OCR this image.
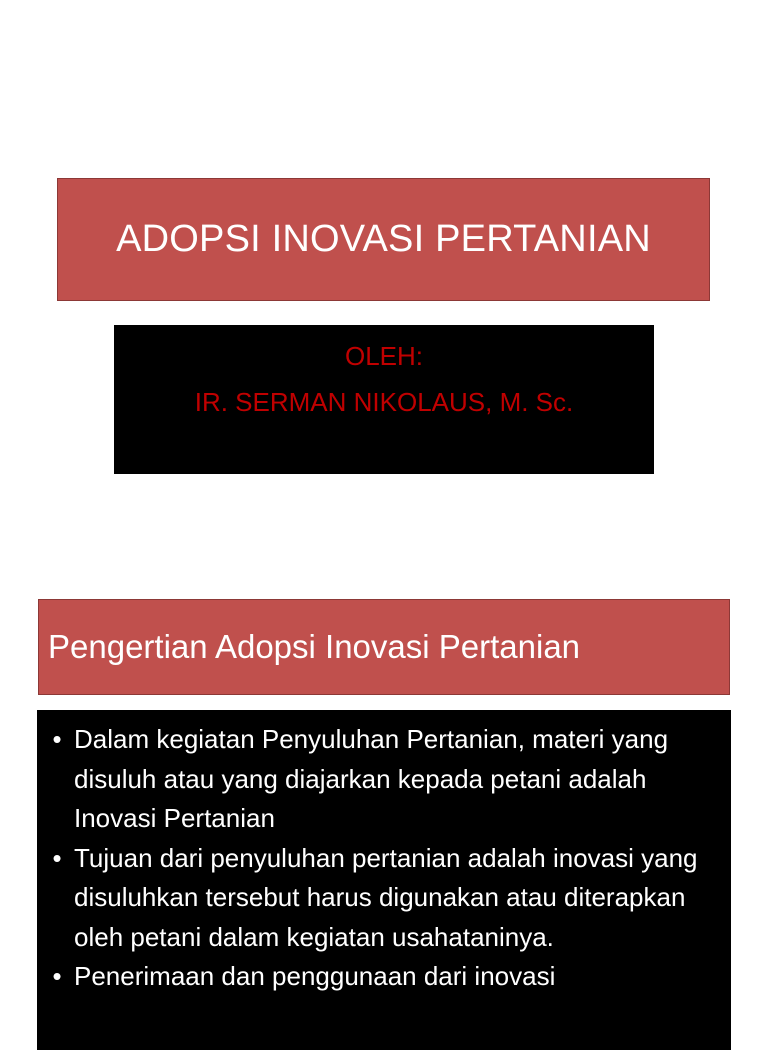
ADOPSI INOVASI PERTANIAN
OLEH:
IR. SERMAN NIKOLAUS, M. Sc.
Pengertian Adopsi Inovasi Pertanian
• Dalam kegiatan Penyuluhan Pertanian, materi yang disuluh atau yang diajarkan kepada petani adalah Inovasi Pertanian
• Tujuan dari penyuluhan pertanian adalah inovasi yang disuluhkan tersebut harus digunakan atau diterapkan oleh petani dalam kegiatan usahataninya.
• Penerimaan dan penggunaan dari inovasi
